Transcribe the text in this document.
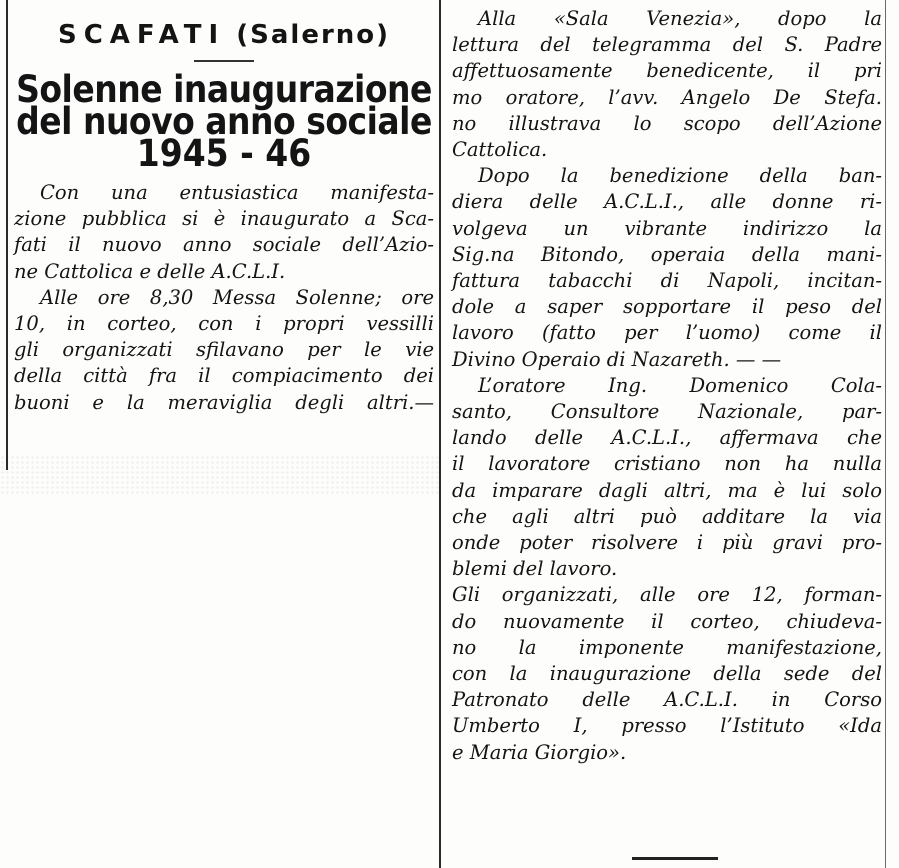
SCAFATI (Salerno)
Solenne inaugurazione
del nuovo anno sociale
1945 - 46
Con una entusiastica manifesta-
zione pubblica si è inaugurato a Sca-
fati il nuovo anno sociale dell’Azio-
ne Cattolica e delle A.C.L.I.
Alle ore 8,30 Messa Solenne; ore
10, in corteo, con i propri vessilli
gli organizzati sfilavano per le vie
della città fra il compiacimento dei
buoni e la meraviglia degli altri.—
Alla «Sala Venezia», dopo la
lettura del telegramma del S. Padre
affettuosamente benedicente, il pri
mo oratore, l’avv. Angelo De Stefa.
no illustrava lo scopo dell’Azione
Cattolica.
Dopo la benedizione della ban-
diera delle A.C.L.I., alle donne ri-
volgeva un vibrante indirizzo la
Sig.na Bitondo, operaia della mani-
fattura tabacchi di Napoli, incitan-
dole a saper sopportare il peso del
lavoro (fatto per l’uomo) come il
Divino Operaio di Nazareth. — —
L’oratore Ing. Domenico Cola-
santo, Consultore Nazionale, par-
lando delle A.C.L.I., affermava che
il lavoratore cristiano non ha nulla
da imparare dagli altri, ma è lui solo
che agli altri può additare la via
onde poter risolvere i più gravi pro-
blemi del lavoro.
Gli organizzati, alle ore 12, forman-
do nuovamente il corteo, chiudeva-
no la imponente manifestazione,
con la inaugurazione della sede del
Patronato delle A.C.L.I. in Corso
Umberto I, presso l’Istituto «Ida
e Maria Giorgio».
